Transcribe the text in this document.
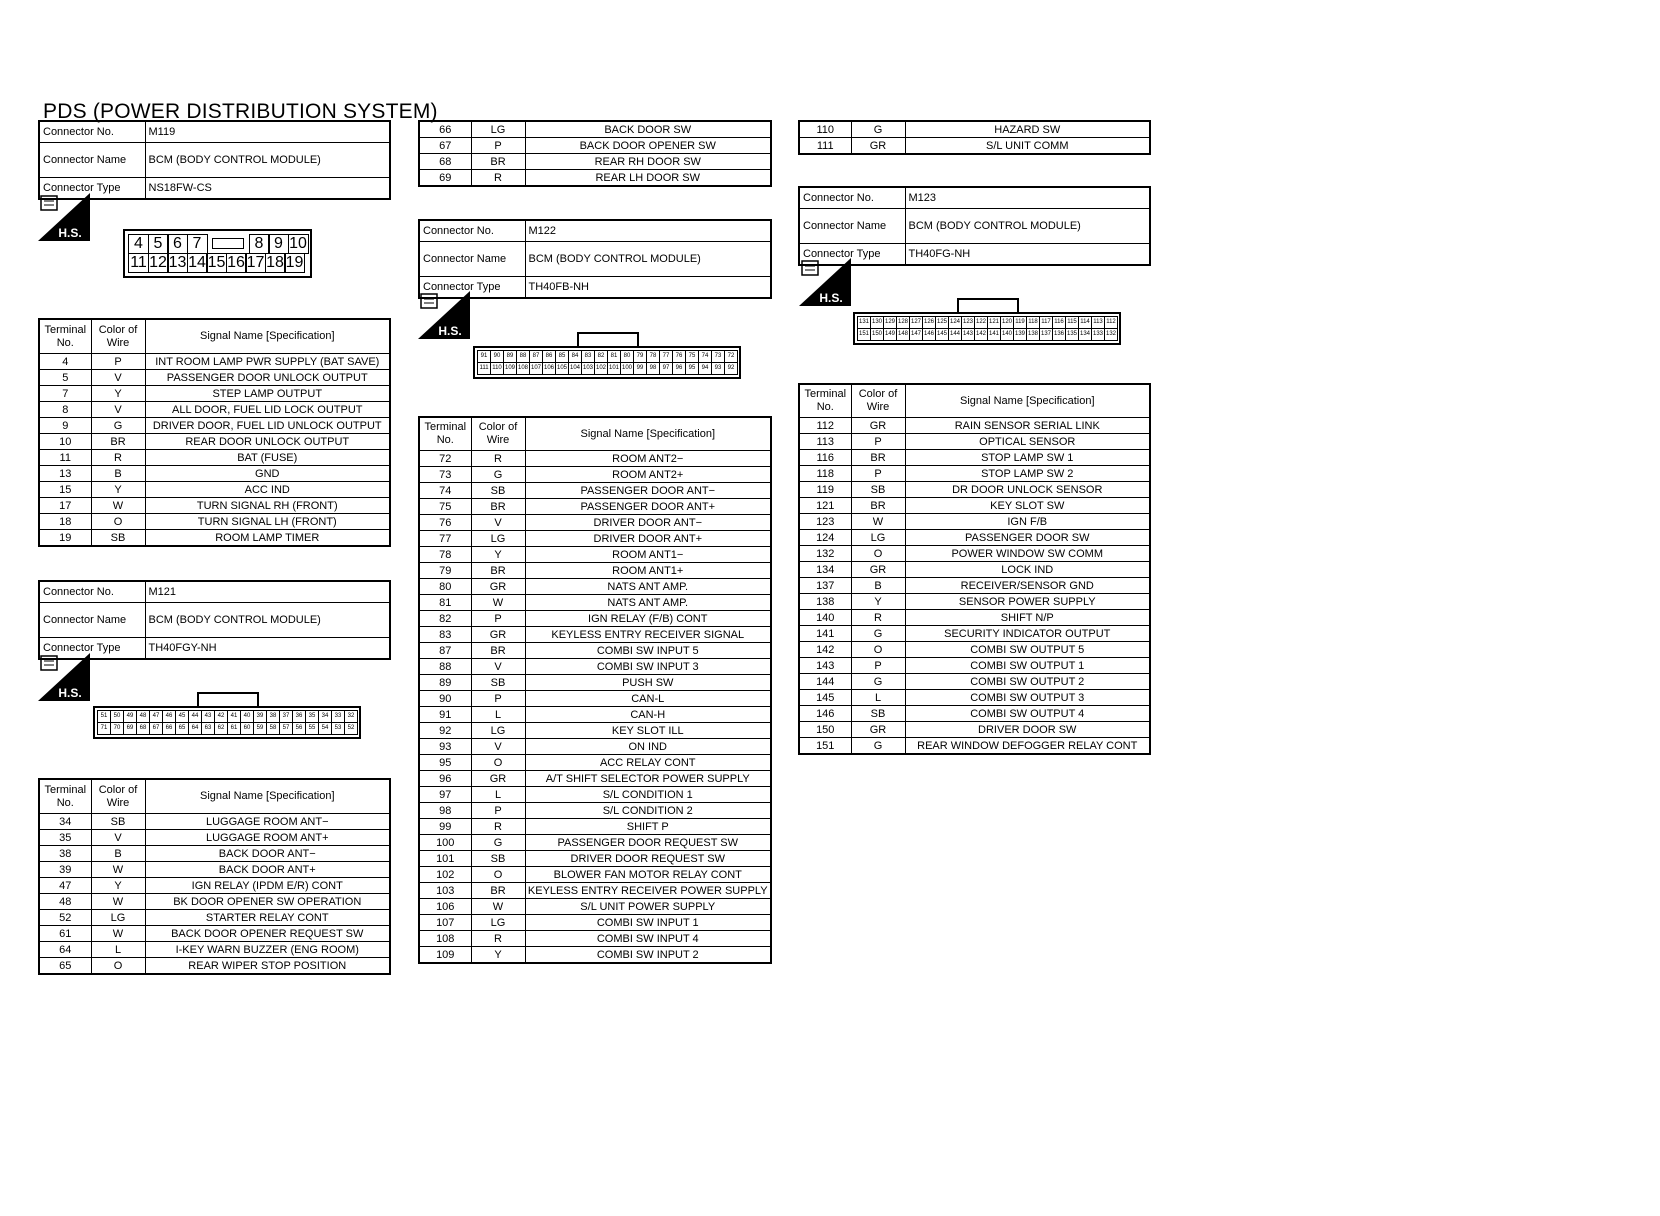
PDS (POWER DISTRIBUTION SYSTEM)
Connector No.	M119
Connector Name	BCM (BODY CONTROL MODULE)
Connector Type	NS18FW-CS
H.S.
4 5 6 7	8 9 10
11 12 13 14 15 16 17 18 19
Terminal No.	Color of Wire	Signal Name [Specification]
4	P	INT ROOM LAMP PWR SUPPLY (BAT SAVE)
5	V	PASSENGER DOOR UNLOCK OUTPUT
7	Y	STEP LAMP OUTPUT
8	V	ALL DOOR, FUEL LID LOCK OUTPUT
9	G	DRIVER DOOR, FUEL LID UNLOCK OUTPUT
10	BR	REAR DOOR UNLOCK OUTPUT
11	R	BAT (FUSE)
13	B	GND
15	Y	ACC IND
17	W	TURN SIGNAL RH (FRONT)
18	O	TURN SIGNAL LH (FRONT)
19	SB	ROOM LAMP TIMER
Connector No.	M121
Connector Name	BCM (BODY CONTROL MODULE)
Connector Type	TH40FGY-NH
H.S.
51	50	49	48	47	46	45	44	43	42	41	40	39	38	37	36	35	34	33	32
71	70	69	68	67	66	65	64	63	62	61	60	59	58	57	56	55	54	53	52
Terminal No.	Color of Wire	Signal Name [Specification]
34	SB	LUGGAGE ROOM ANT−
35	V	LUGGAGE ROOM ANT+
38	B	BACK DOOR ANT−
39	W	BACK DOOR ANT+
47	Y	IGN RELAY (IPDM E/R) CONT
48	W	BK DOOR OPENER SW OPERATION
52	LG	STARTER RELAY CONT
61	W	BACK DOOR OPENER REQUEST SW
64	L	I-KEY WARN BUZZER (ENG ROOM)
65	O	REAR WIPER STOP POSITION
66	LG	BACK DOOR SW
67	P	BACK DOOR OPENER SW
68	BR	REAR RH DOOR SW
69	R	REAR LH DOOR SW
Connector No.	M122
Connector Name	BCM (BODY CONTROL MODULE)
Connector Type	TH40FB-NH
H.S.
91	90	89	88	87	86	85	84	83	82	81	80	79	78	77	76	75	74	73	72
111 110 109 108 107 106 105 104 103 102 101 100 99	98	97	96	95	94	93	92
Terminal No.	Color of Wire	Signal Name [Specification]
72	R	ROOM ANT2−
73	G	ROOM ANT2+
74	SB	PASSENGER DOOR ANT−
75	BR	PASSENGER DOOR ANT+
76	V	DRIVER DOOR ANT−
77	LG	DRIVER DOOR ANT+
78	Y	ROOM ANT1−
79	BR	ROOM ANT1+
80	GR	NATS ANT AMP.
81	W	NATS ANT AMP.
82	P	IGN RELAY (F/B) CONT
83	GR	KEYLESS ENTRY RECEIVER SIGNAL
87	BR	COMBI SW INPUT 5
88	V	COMBI SW INPUT 3
89	SB	PUSH SW
90	P	CAN-L
91	L	CAN-H
92	LG	KEY SLOT ILL
93	V	ON IND
95	O	ACC RELAY CONT
96	GR	A/T SHIFT SELECTOR POWER SUPPLY
97	L	S/L CONDITION 1
98	P	S/L CONDITION 2
99	R	SHIFT P
100	G	PASSENGER DOOR REQUEST SW
101	SB	DRIVER DOOR REQUEST SW
102	O	BLOWER FAN MOTOR RELAY CONT
103	BR	KEYLESS ENTRY RECEIVER POWER SUPPLY
106	W	S/L UNIT POWER SUPPLY
107	LG	COMBI SW INPUT 1
108	R	COMBI SW INPUT 4
109	Y	COMBI SW INPUT 2
110	G	HAZARD SW
111	GR	S/L UNIT COMM
Connector No.	M123
Connector Name	BCM (BODY CONTROL MODULE)
Connector Type	TH40FG-NH
H.S.
131 130 129 128 127 126 125 124 123 122 121 120 119 118 117 116 115 114 113 112
151 150 149 148 147 146 145 144 143 142 141 140 139 138 137 136 135 134 133 132
Terminal No.	Color of Wire	Signal Name [Specification]
112	GR	RAIN SENSOR SERIAL LINK
113	P	OPTICAL SENSOR
116	BR	STOP LAMP SW 1
118	P	STOP LAMP SW 2
119	SB	DR DOOR UNLOCK SENSOR
121	BR	KEY SLOT SW
123	W	IGN F/B
124	LG	PASSENGER DOOR SW
132	O	POWER WINDOW SW COMM
134	GR	LOCK IND
137	B	RECEIVER/SENSOR GND
138	Y	SENSOR POWER SUPPLY
140	R	SHIFT N/P
141	G	SECURITY INDICATOR OUTPUT
142	O	COMBI SW OUTPUT 5
143	P	COMBI SW OUTPUT 1
144	G	COMBI SW OUTPUT 2
145	L	COMBI SW OUTPUT 3
146	SB	COMBI SW OUTPUT 4
150	GR	DRIVER DOOR SW
151	G	REAR WINDOW DEFOGGER RELAY CONT
